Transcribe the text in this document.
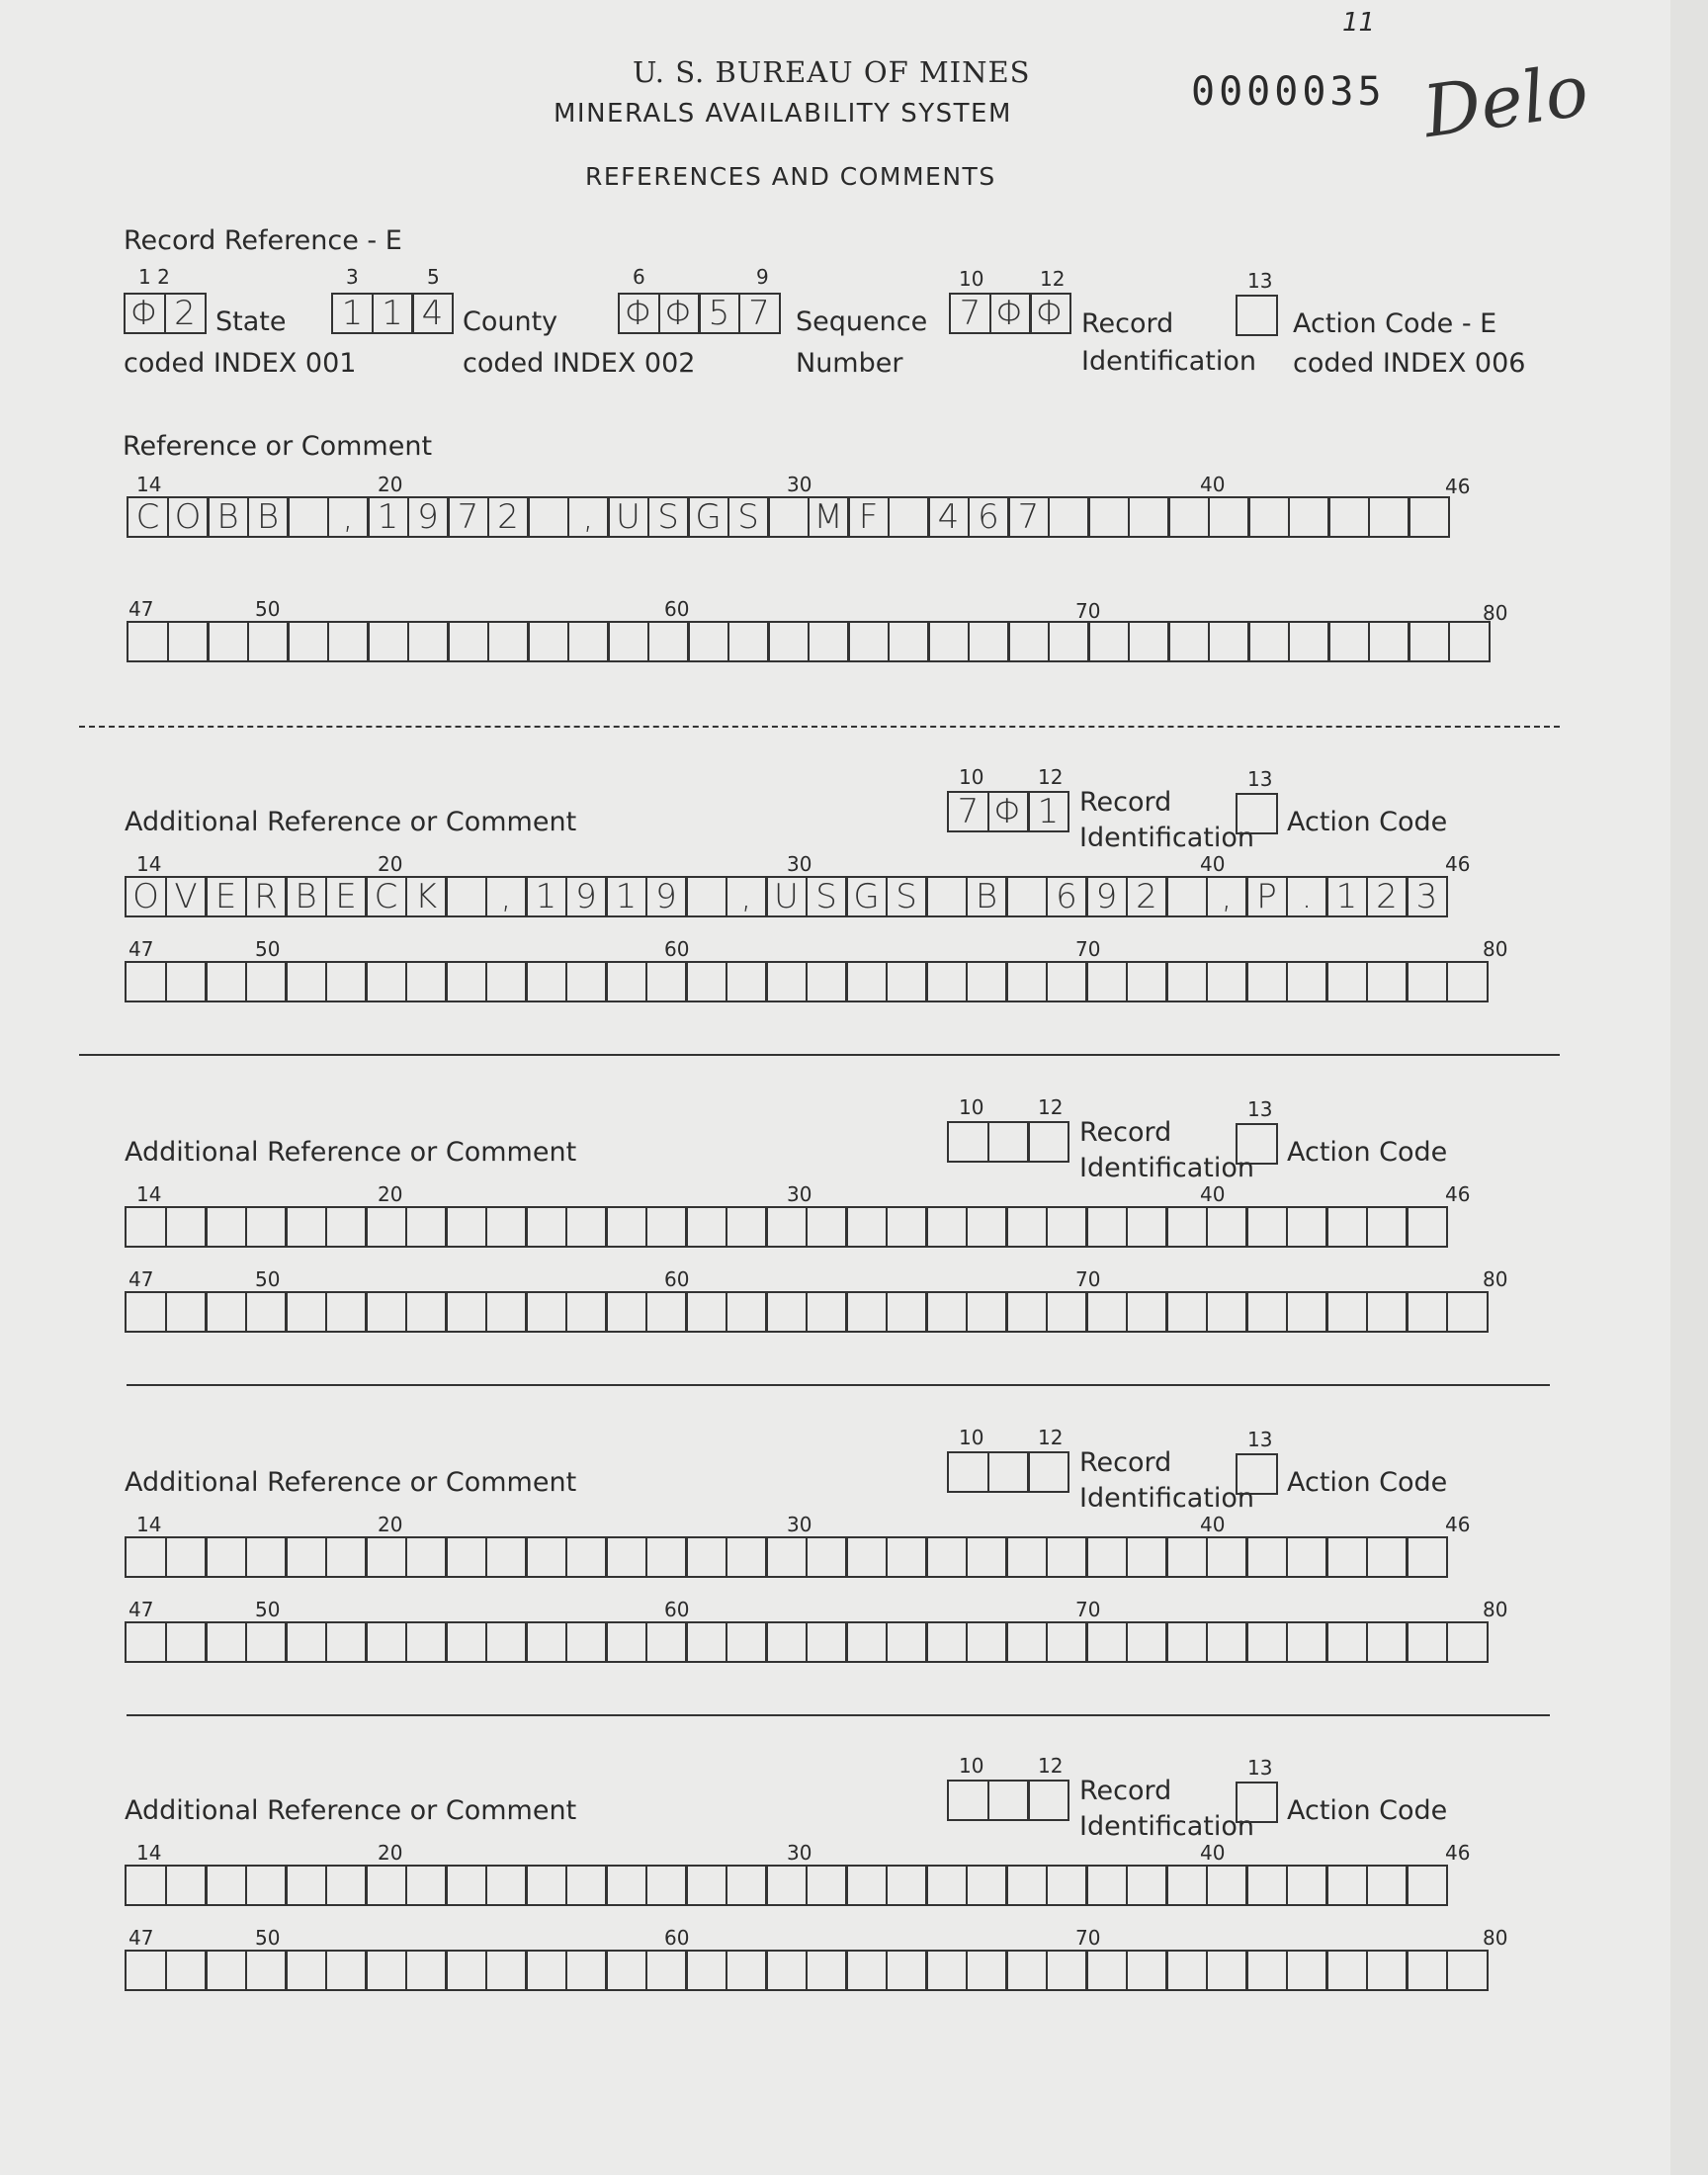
U. S. BUREAU OF MINES
MINERALS AVAILABILITY SYSTEM
REFERENCES AND COMMENTS
0000035
11
Delo
Record Reference - E
1 2
Φ 2 State
coded INDEX 001
3	5
1 1 4 County
coded INDEX 002
6	9
Φ Φ 5 7 Sequence
Number
10	12
7 Φ Φ Record
Identification
13
Action Code - E
coded INDEX 006
Reference or Comment
14	20	30	40	46
C O B B	, 1 9 7 2	, U S G S	M F	4 6 7
47	50	60	70	80
Additional Reference or Comment
10	12
7 Φ 1 Record
Identification
13
Action Code
14	20	30	40	46
O V E R B E C K	, 1 9 1 9	, U S G S	B	6 9 2	, P . 1 2 3
47	50	60	70	80
Additional Reference or Comment
10	12
Record
Identification
13
Action Code
14	20	30	40	46
47	50	60	70	80
Additional Reference or Comment
10	12
Record
Identification
13
Action Code
14	20	30	40	46
47	50	60	70	80
Additional Reference or Comment
10	12
Record
Identification
13
Action Code
14	20	30	40	46
47	50	60	70	80
